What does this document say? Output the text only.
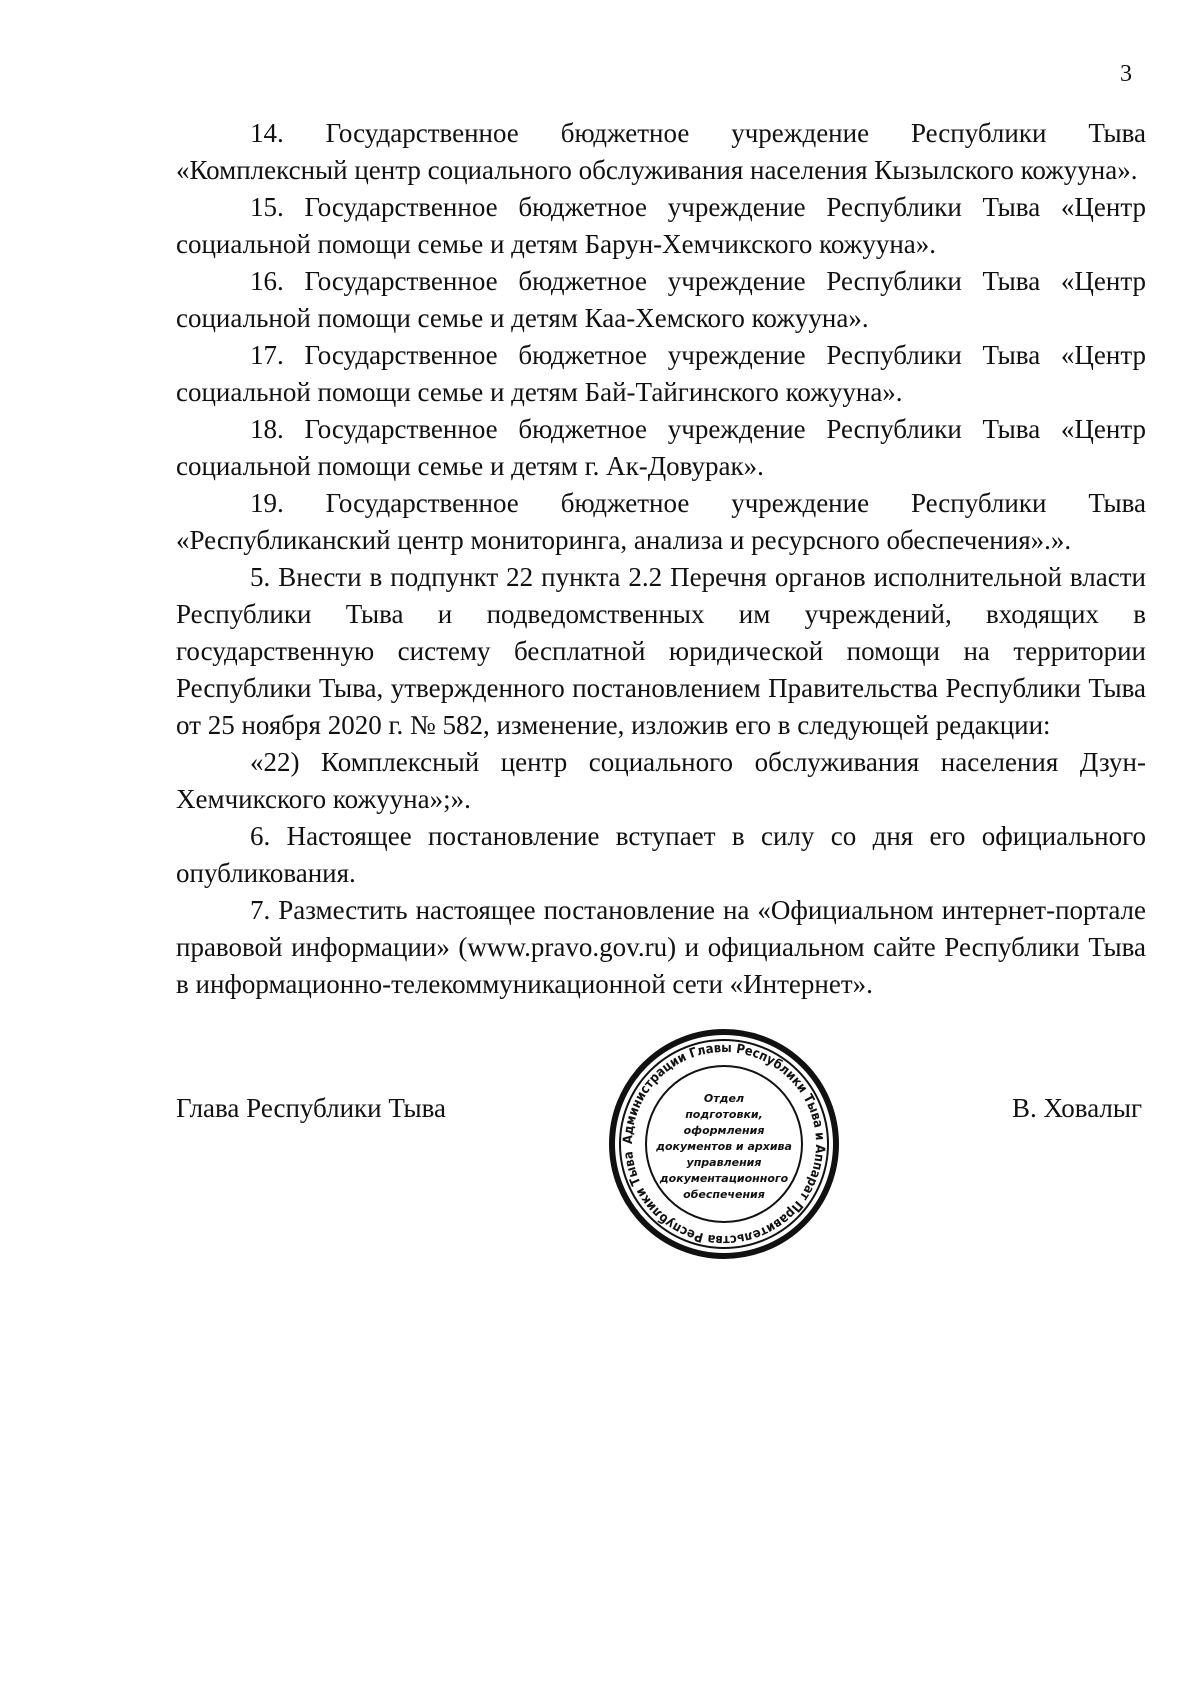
3

14. Государственное бюджетное учреждение Республики Тыва «Комплексный центр социального обслуживания населения Кызылского кожууна».

15. Государственное бюджетное учреждение Республики Тыва «Центр социальной помощи семье и детям Барун-Хемчикского кожууна».

16. Государственное бюджетное учреждение Республики Тыва «Центр социальной помощи семье и детям Каа-Хемского кожууна».

17. Государственное бюджетное учреждение Республики Тыва «Центр социальной помощи семье и детям Бай-Тайгинского кожууна».

18. Государственное бюджетное учреждение Республики Тыва «Центр социальной помощи семье и детям г. Ак-Довурак».

19. Государственное бюджетное учреждение Республики Тыва «Республиканский центр мониторинга, анализа и ресурсного обеспечения».».

5. Внести в подпункт 22 пункта 2.2 Перечня органов исполнительной власти Республики Тыва и подведомственных им учреждений, входящих в государственную систему бесплатной юридической помощи на территории Республики Тыва, утвержденного постановлением Правительства Республики Тыва от 25 ноября 2020 г. № 582, изменение, изложив его в следующей редакции:

«22) Комплексный центр социального обслуживания населения Дзун-Хемчикского кожууна»;».

6. Настоящее постановление вступает в силу со дня его официального опубликования.

7. Разместить настоящее постановление на «Официальном интернет-портале правовой информации» (www.pravo.gov.ru) и официальном сайте Республики Тыва в информационно-телекоммуникационной сети «Интернет».

Глава Республики Тыва	В. Ховалыг
Администрации Главы Республики Тыва и Аппарат Правительства Республики Тыва
Отдел
подготовки,
оформления
документов и архива
управления
документационного
обеспечения
